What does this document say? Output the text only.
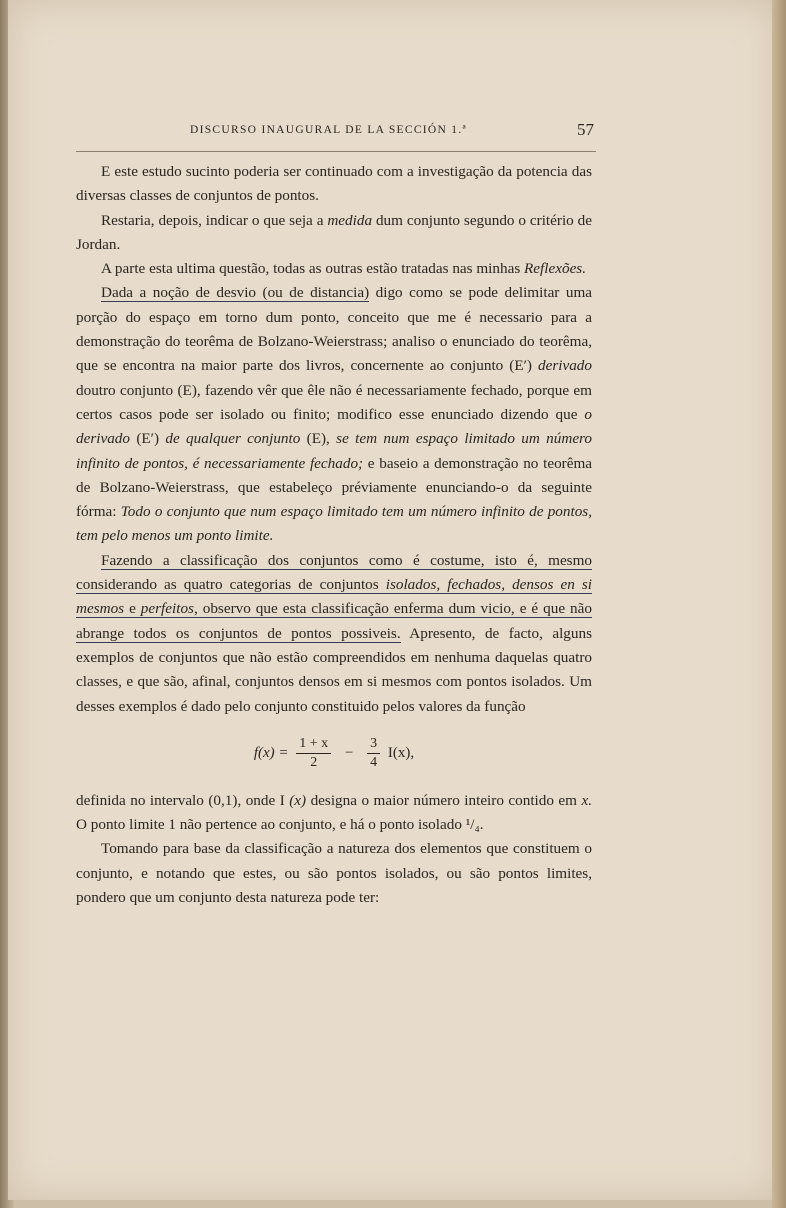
DISCURSO INAUGURAL DE LA SECCIÓN 1.ª	57

E este estudo sucinto poderia ser continuado com a investigação da potencia das diversas classes de conjuntos de pontos.

Restaria, depois, indicar o que seja a medida dum conjunto segundo o critério de Jordan.

A parte esta ultima questão, todas as outras estão tratadas nas minhas Reflexões.

Dada a noção de desvio (ou de distancia) digo como se pode delimitar uma porção do espaço em torno dum ponto, conceito que me é necessario para a demonstração do teorêma de Bolzano-Weierstrass; analiso o enunciado do teorêma, que se encontra na maior parte dos livros, concernente ao conjunto (E′) derivado doutro conjunto (E), fazendo vêr que êle não é necessariamente fechado, porque em certos casos pode ser isolado ou finito; modifico esse enunciado dizendo que o derivado (E′) de qualquer conjunto (E), se tem num espaço limitado um número infinito de pontos, é necessariamente fechado; e baseio a demonstração no teorêma de Bolzano-Weierstrass, que estabeleço préviamente enunciando-o da seguinte fórma: Todo o conjunto que num espaço limitado tem um número infinito de pontos, tem pelo menos um ponto limite.

Fazendo a classificação dos conjuntos como é costume, isto é, mesmo considerando as quatro categorias de conjuntos isolados, fechados, densos en si mesmos e perfeitos, observo que esta classificação enferma dum vicio, e é que não abrange todos os conjuntos de pontos possiveis. Apresento, de facto, alguns exemplos de conjuntos que não estão compreendidos em nenhuma daquelas quatro classes, e que são, afinal, conjuntos densos em si mesmos com pontos isolados. Um desses exemplos é dado pelo conjunto constituido pelos valores da função

$f(x) = \frac{1 + x}{2} - \frac{3}{4} I(x)$,

definida no intervalo (0,1), onde I (x) designa o maior número inteiro contido em x. O ponto limite 1 não pertence ao conjunto, e há o ponto isolado ¹/₄.

Tomando para base da classificação a natureza dos elementos que constituem o conjunto, e notando que estes, ou são pontos isolados, ou são pontos limites, pondero que um conjunto desta natureza pode ter:
